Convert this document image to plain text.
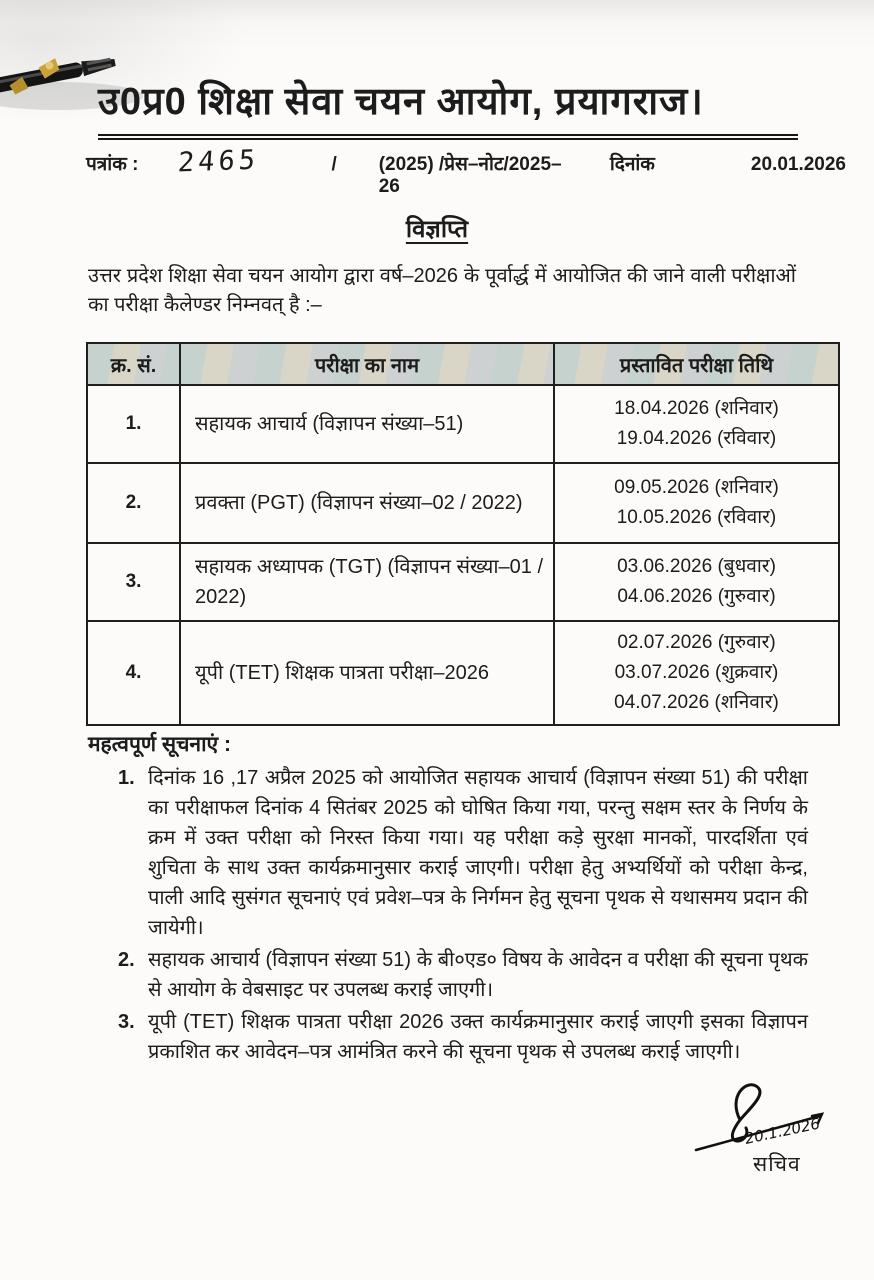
उ0प्र0 शिक्षा सेवा चयन आयोग, प्रयागराज।
पत्रांक : 2465	/ (2025) /प्रेस–नोट/2025–26
दिनांक	20.01.2026
विज्ञप्ति

उत्तर प्रदेश शिक्षा सेवा चयन आयोग द्वारा वर्ष–2026 के पूर्वार्द्ध में आयोजित की जाने वाली परीक्षाओं का परीक्षा कैलेण्डर निम्नवत् है :–

क्र. सं.	परीक्षा का नाम	प्रस्तावित परीक्षा तिथि
1.	सहायक आचार्य (विज्ञापन संख्या–51)	18.04.2026 (शनिवार)
19.04.2026 (रविवार)

2.	प्रवक्ता (PGT) (विज्ञापन संख्या–02 / 2022)	09.05.2026 (शनिवार)
10.05.2026 (रविवार)

3.	सहायक अध्यापक (TGT) (विज्ञापन संख्या–01 / 2022)	03.06.2026 (बुधवार)
04.06.2026 (गुरुवार)

4.	यूपी (TET) शिक्षक पात्रता परीक्षा–2026	02.07.2026 (गुरुवार)
03.07.2026 (शुक्रवार)
04.07.2026 (शनिवार)
महत्वपूर्ण सूचनाएं :
1. दिनांक 16 ,17 अप्रैल 2025 को आयोजित सहायक आचार्य (विज्ञापन संख्या 51) की परीक्षा का परीक्षाफल दिनांक 4 सितंबर 2025 को घोषित किया गया, परन्तु सक्षम स्तर के निर्णय के क्रम में उक्त परीक्षा को निरस्त किया गया। यह परीक्षा कड़े सुरक्षा मानकों, पारदर्शिता एवं शुचिता के साथ उक्त कार्यक्रमानुसार कराई जाएगी। परीक्षा हेतु अभ्यर्थियों को परीक्षा केन्द्र, पाली आदि सुसंगत सूचनाएं एवं प्रवेश–पत्र के निर्गमन हेतु सूचना पृथक से यथासमय प्रदान की जायेगी।
2. सहायक आचार्य (विज्ञापन संख्या 51) के बी०एड० विषय के आवेदन व परीक्षा की सूचना पृथक से आयोग के वेबसाइट पर उपलब्ध कराई जाएगी।
3. यूपी (TET) शिक्षक पात्रता परीक्षा 2026 उक्त कार्यक्रमानुसार कराई जाएगी इसका विज्ञापन प्रकाशित कर आवेदन–पत्र आमंत्रित करने की सूचना पृथक से उपलब्ध कराई जाएगी।
20.1.2026
सचिव
